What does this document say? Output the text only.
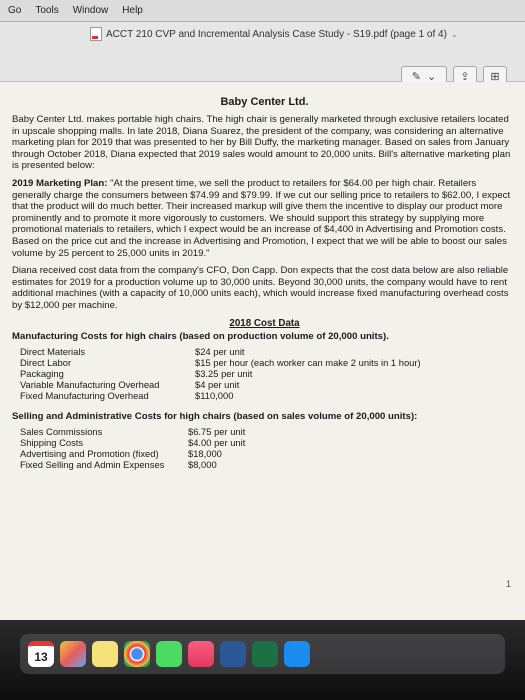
Go Tools Window Help
ACCT 210 CVP and Incremental Analysis Case Study - S19.pdf (page 1 of 4) ⌄
✎ ⌄ ⇪ ⊞
Baby Center Ltd.

Baby Center Ltd. makes portable high chairs. The high chair is generally marketed through exclusive retailers located in upscale shopping malls. In late 2018, Diana Suarez, the president of the company, was considering an alternative marketing plan for 2019 that was presented to her by Bill Duffy, the marketing manager. Based on sales from January through October 2018, Diana expected that 2019 sales would amount to 20,000 units. Bill's alternative marketing plan is presented below:

2019 Marketing Plan: "At the present time, we sell the product to retailers for $64.00 per high chair. Retailers generally charge the consumers between $74.99 and $79.99. If we cut our selling price to retailers to $62.00, I expect that the product will do much better. Their increased markup will give them the incentive to display our product more prominently and to promote it more vigorously to customers. We should support this strategy by supplying more promotional materials to retailers, which I expect would be an increase of $4,400 in Advertising and Promotion costs. Based on the price cut and the increase in Advertising and Promotion, I expect that we will be able to boost our sales volume by 25 percent to 25,000 units in 2019."

Diana received cost data from the company's CFO, Don Capp. Don expects that the cost data below are also reliable estimates for 2019 for a production volume up to 30,000 units. Beyond 30,000 units, the company would have to rent additional machines (with a capacity of 10,000 units each), which would increase fixed manufacturing overhead costs by $12,000 per machine.

2018 Cost Data
Manufacturing Costs for high chairs (based on production volume of 20,000 units).
Direct Materials	$24 per unit
Direct Labor	$15 per hour (each worker can make 2 units in 1 hour)
Packaging	$3.25 per unit
Variable Manufacturing Overhead	$4 per unit
Fixed Manufacturing Overhead	$110,000
Selling and Administrative Costs for high chairs (based on sales volume of 20,000 units):
Sales Commissions	$6.75 per unit
Shipping Costs	$4.00 per unit
Advertising and Promotion (fixed)	$18,000
Fixed Selling and Admin Expenses	$8,000
1
13
